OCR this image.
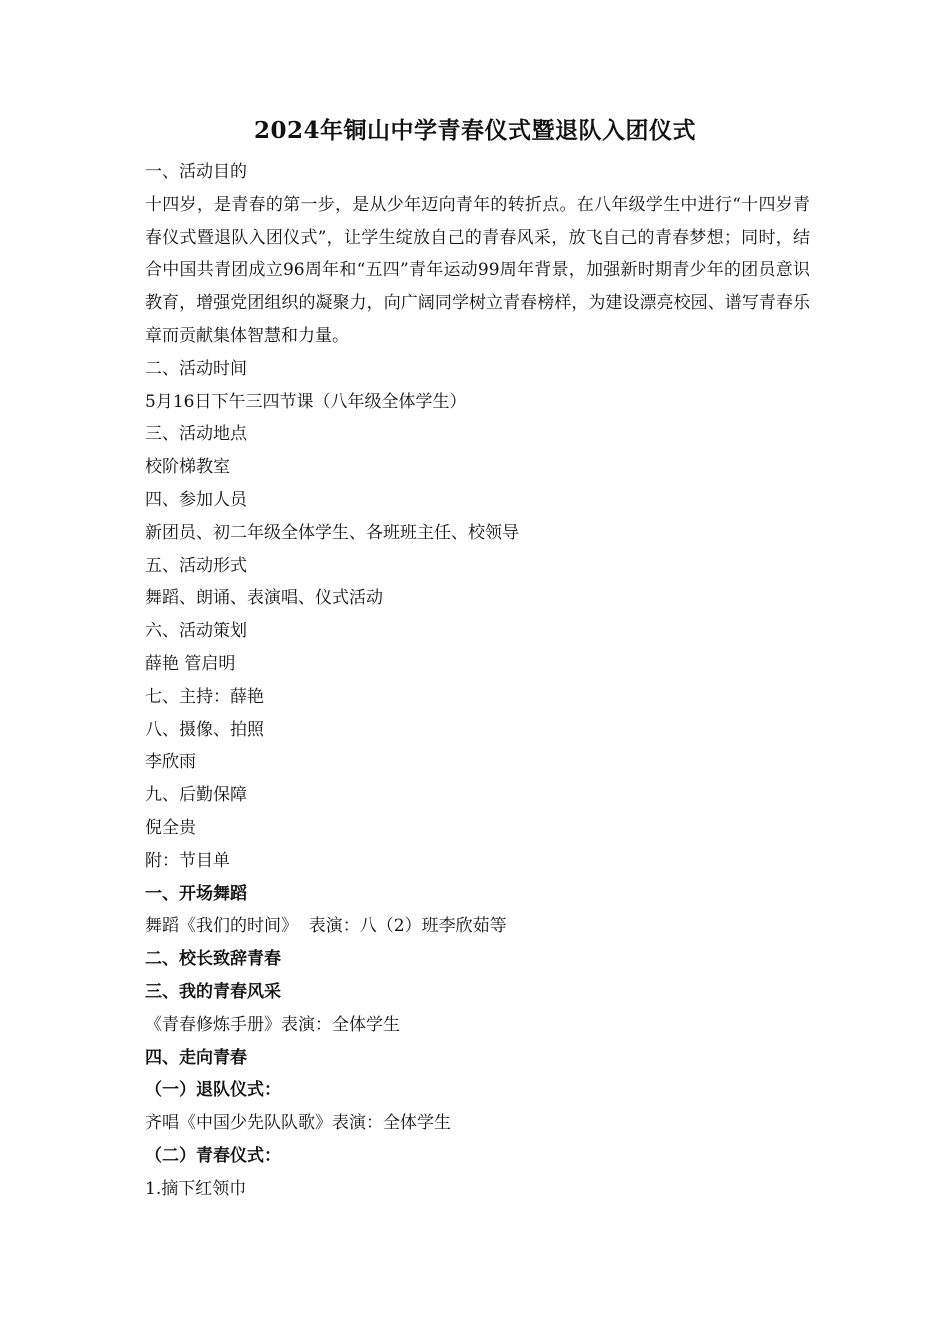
2024年铜山中学青春仪式暨退队入团仪式
一、活动目的
十四岁，是青春的第一步，是从少年迈向青年的转折点。在八年级学生中进行“十四岁青春仪式暨退队入团仪式”，让学生绽放自己的青春风采，放飞自己的青春梦想；同时，结合中国共青团成立96周年和“五四”青年运动99周年背景，加强新时期青少年的团员意识教育，增强党团组织的凝聚力，向广阔同学树立青春榜样，为建设漂亮校园、谱写青春乐章而贡献集体智慧和力量。
二、活动时间
5月16日下午三四节课（八年级全体学生）
三、活动地点
校阶梯教室
四、参加人员
新团员、初二年级全体学生、各班班主任、校领导
五、活动形式
舞蹈、朗诵、表演唱、仪式活动
六、活动策划
薛艳 管启明
七、主持：薛艳
八、摄像、拍照
李欣雨
九、后勤保障
倪全贵
附：节目单
一、开场舞蹈
舞蹈《我们的时间》  表演：八（2）班李欣茹等
二、校长致辞青春
三、我的青春风采
《青春修炼手册》表演：全体学生
四、走向青春
（一）退队仪式：
齐唱《中国少先队队歌》表演：全体学生
（二）青春仪式：
1.摘下红领巾
